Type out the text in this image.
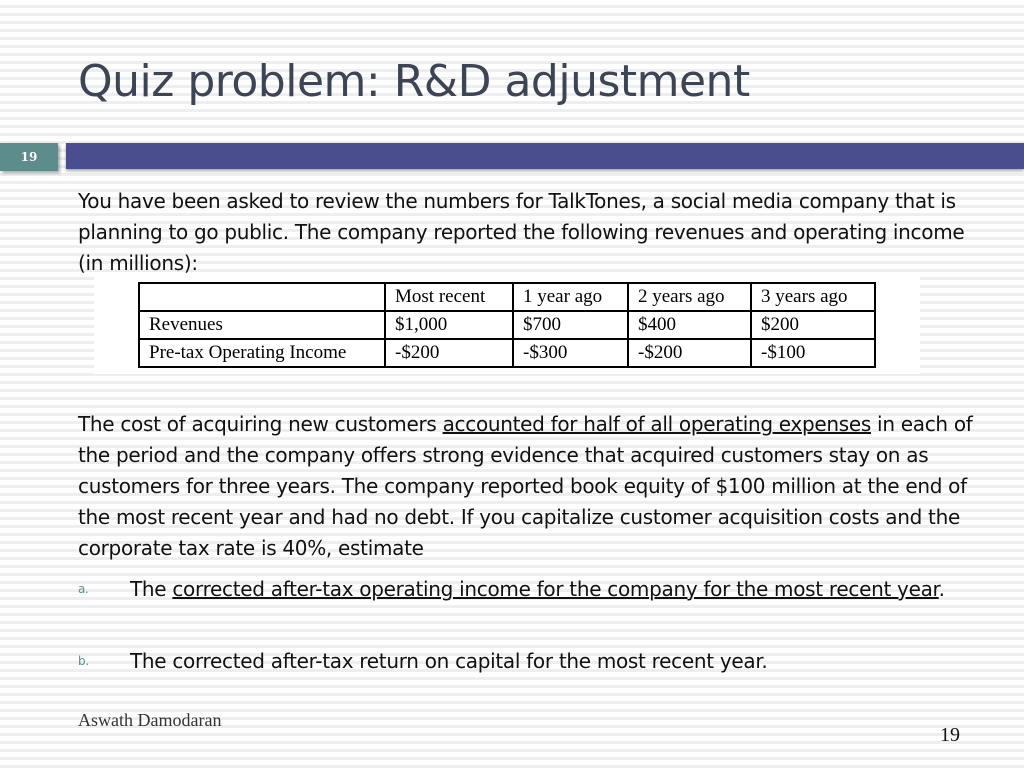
Quiz problem: R&D adjustment
19
You have been asked to review the numbers for TalkTones, a social media company that is planning to go public. The company reported the following revenues and operating income (in millions):
	Most recent	1 year ago	2 years ago	3 years ago
Revenues	$1,000	$700	$400	$200
Pre-tax Operating Income	-$200	-$300	-$200	-$100
The cost of acquiring new customers accounted for half of all operating expenses in each of the period and the company offers strong evidence that acquired customers stay on as customers for three years. The company reported book equity of $100 million at the end of the most recent year and had no debt. If you capitalize customer acquisition costs and the corporate tax rate is 40%, estimate
a. The corrected after-tax operating income for the company for the most recent year.
b. The corrected after-tax return on capital for the most recent year.
Aswath Damodaran
19
